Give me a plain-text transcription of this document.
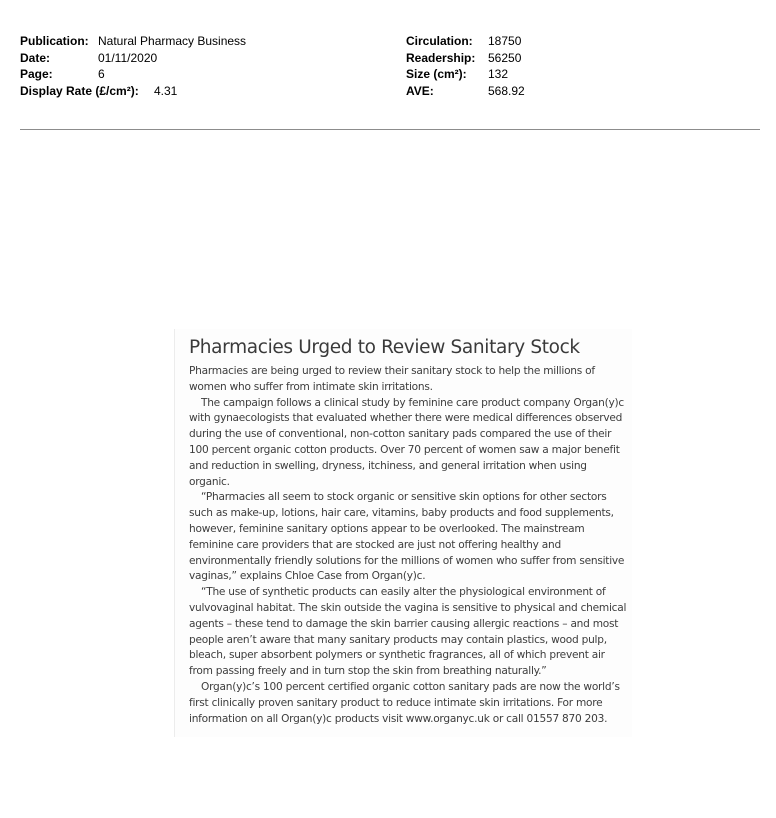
Publication: Natural Pharmacy Business
Date:	01/11/2020
Page:	6
Display Rate (£/cm²): 4.31
Circulation: 18750
Readership: 56250
Size (cm²): 132
AVE:	568.92
Pharmacies Urged to Review Sanitary Stock

Pharmacies are being urged to review their sanitary stock to help the millions of women who suffer from intimate skin irritations.

The campaign follows a clinical study by feminine care product company Organ(y)c with gynaecologists that evaluated whether there were medical differences observed during the use of conventional, non-cotton sanitary pads compared the use of their 100 percent organic cotton products. Over 70 percent of women saw a major benefit and reduction in swelling, dryness, itchiness, and general irritation when using organic.

“Pharmacies all seem to stock organic or sensitive skin options for other sectors such as make-up, lotions, hair care, vitamins, baby products and food supplements, however, feminine sanitary options appear to be overlooked. The mainstream feminine care providers that are stocked are just not offering healthy and environmentally friendly solutions for the millions of women who suffer from sensitive vaginas,” explains Chloe Case from Organ(y)c.

“The use of synthetic products can easily alter the physiological environment of vulvovaginal habitat. The skin outside the vagina is sensitive to physical and chemical agents – these tend to damage the skin barrier causing allergic reactions – and most people aren’t aware that many sanitary products may contain plastics, wood pulp, bleach, super absorbent polymers or synthetic fragrances, all of which prevent air from passing freely and in turn stop the skin from breathing naturally.”

Organ(y)c’s 100 percent certified organic cotton sanitary pads are now the world’s first clinically proven sanitary product to reduce intimate skin irritations. For more information on all Organ(y)c products visit www.organyc.uk or call 01557 870 203.
